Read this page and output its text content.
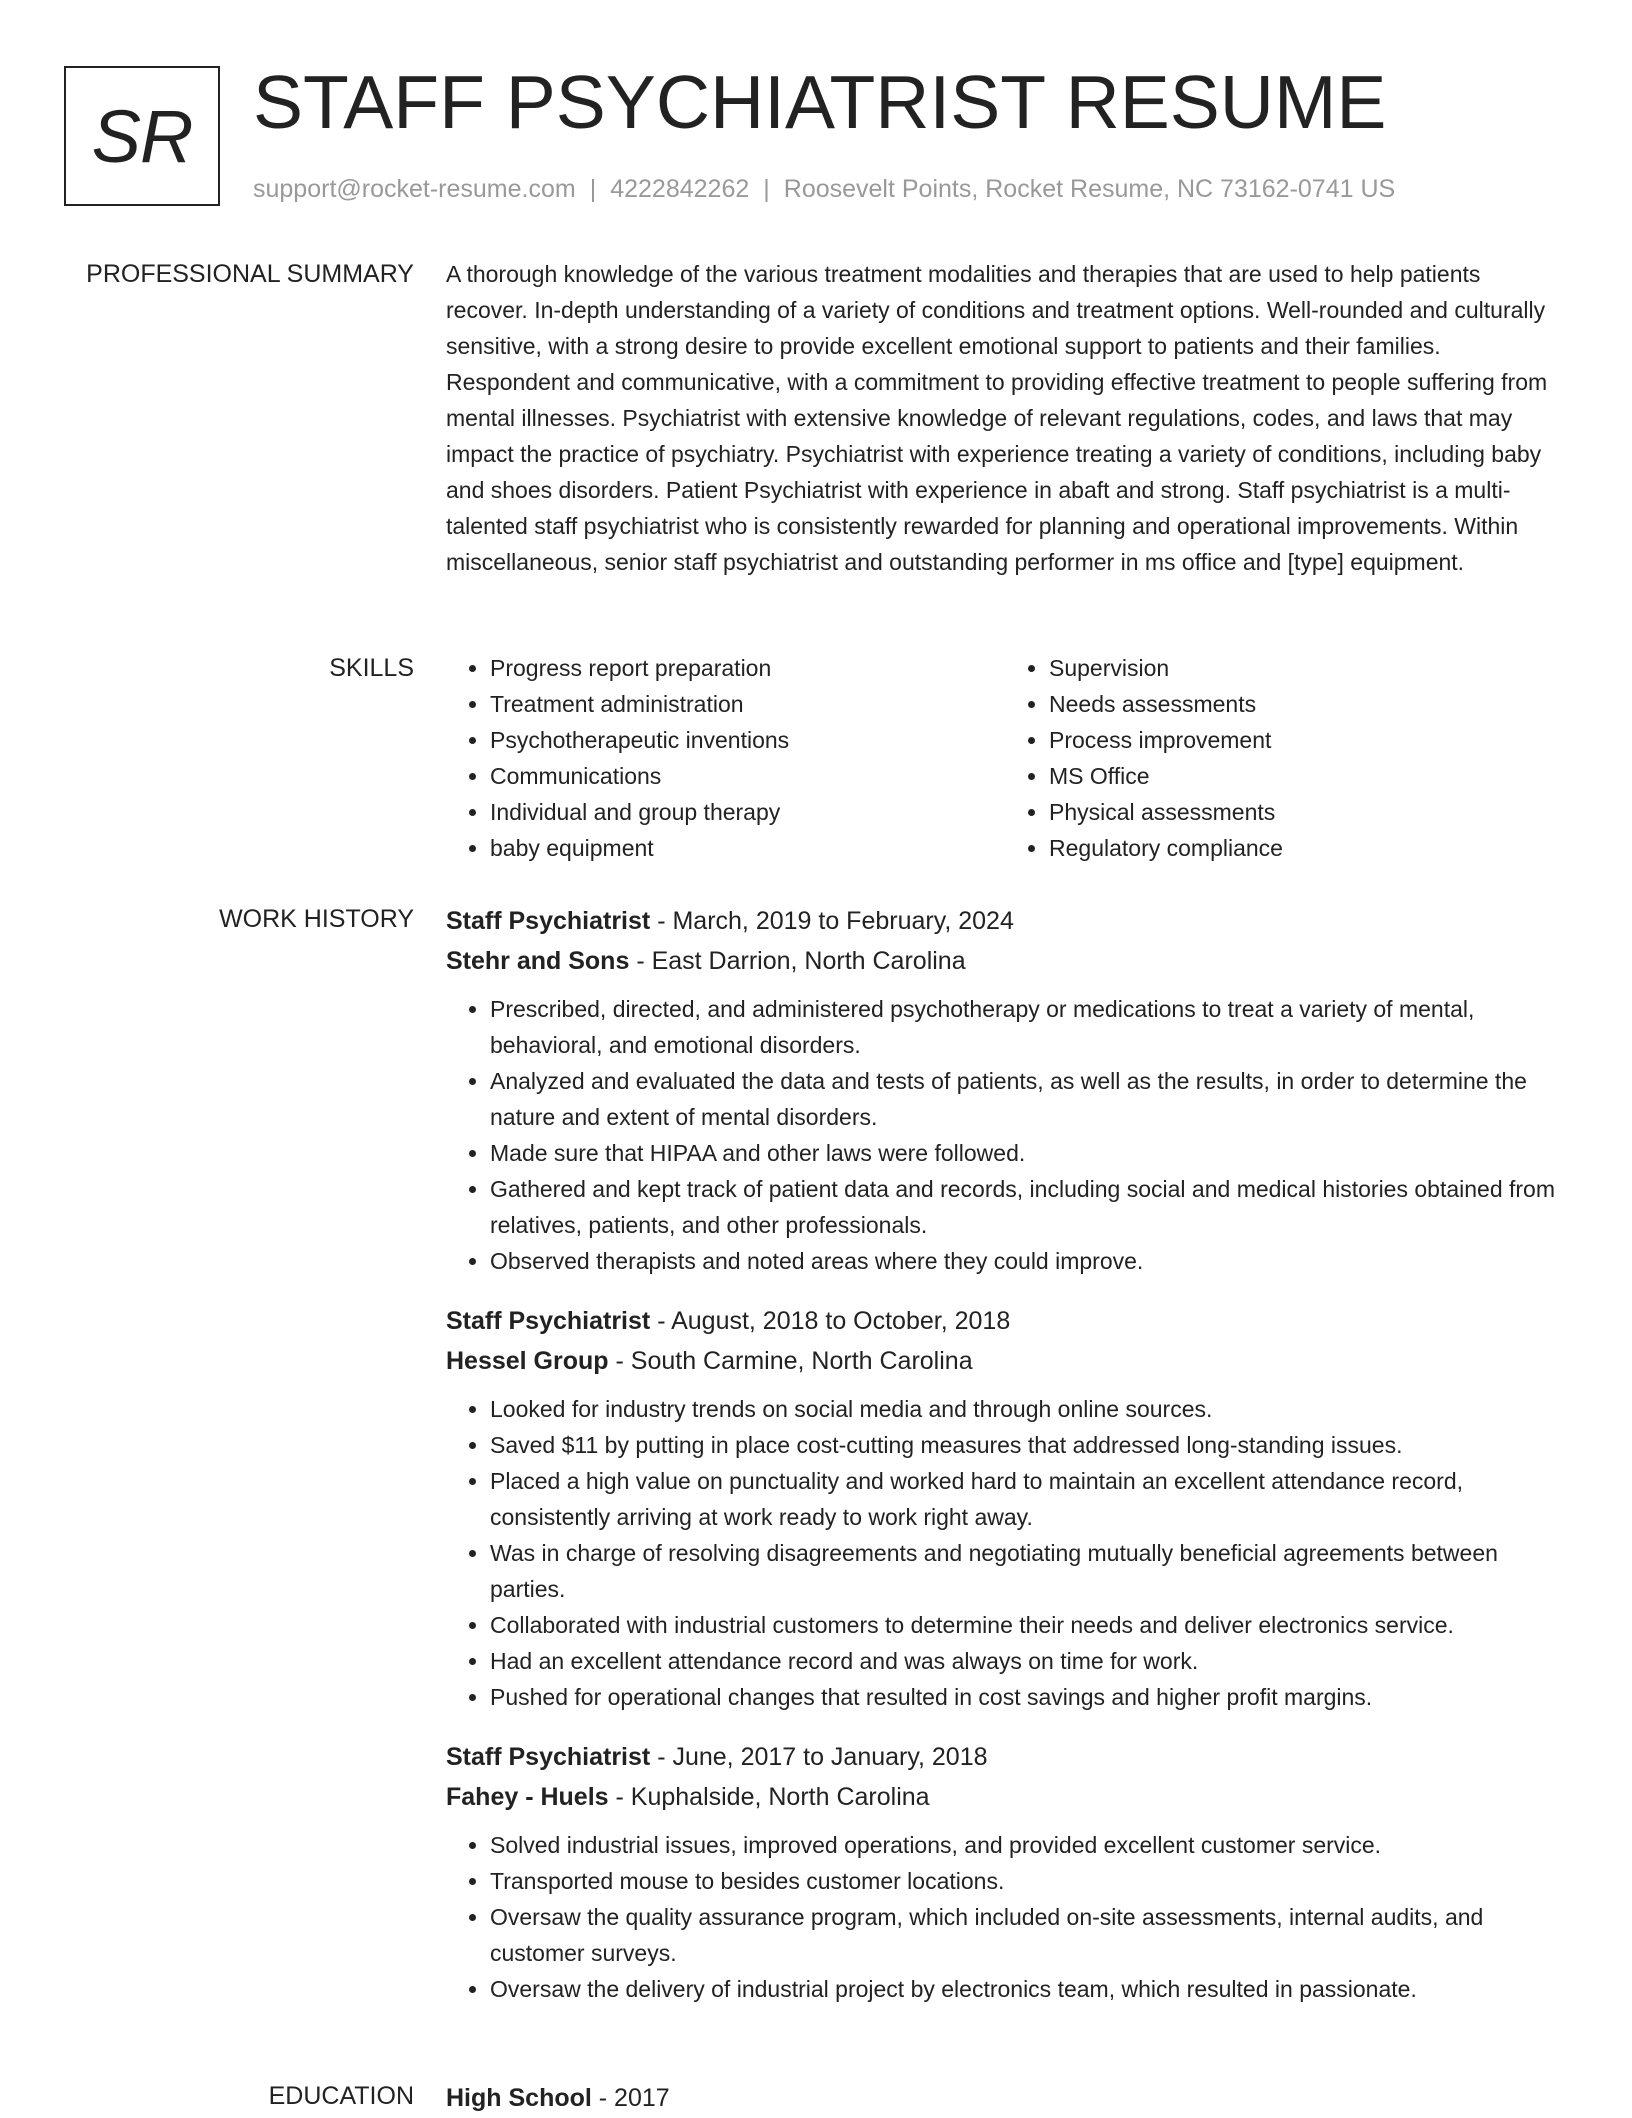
SR STAFF PSYCHIATRIST RESUME
support@rocket-resume.com | 4222842262 | Roosevelt Points, Rocket Resume, NC 73162-0741 US
PROFESSIONAL SUMMARY A thorough knowledge of the various treatment modalities and therapies that are used to help patients recover. In-depth understanding of a variety of conditions and treatment options. Well-rounded and culturally sensitive, with a strong desire to provide excellent emotional support to patients and their families. Respondent and communicative, with a commitment to providing effective treatment to people suffering from mental illnesses. Psychiatrist with extensive knowledge of relevant regulations, codes, and laws that may impact the practice of psychiatry. Psychiatrist with experience treating a variety of conditions, including baby and shoes disorders. Patient Psychiatrist with experience in abaft and strong. Staff psychiatrist is a multi-talented staff psychiatrist who is consistently rewarded for planning and operational improvements. Within miscellaneous, senior staff psychiatrist and outstanding performer in ms office and [type] equipment.

SKILLS
•	Progress report preparation
• Treatment administration
• Psychotherapeutic inventions
• Communications
• Individual and group therapy
• baby equipment
• Supervision
• Needs assessments
• Process improvement
• MS Office
• Physical assessments
• Regulatory compliance
WORK HISTORY Staff Psychiatrist - March, 2019 to February, 2024
Stehr and Sons - East Darrion, North Carolina
• Prescribed, directed, and administered psychotherapy or medications to treat a variety of mental, behavioral, and emotional disorders.
• Analyzed and evaluated the data and tests of patients, as well as the results, in order to determine the nature and extent of mental disorders.
• Made sure that HIPAA and other laws were followed.
• Gathered and kept track of patient data and records, including social and medical histories obtained from relatives, patients, and other professionals.
• Observed therapists and noted areas where they could improve.
Staff Psychiatrist - August, 2018 to October, 2018
Hessel Group - South Carmine, North Carolina
• Looked for industry trends on social media and through online sources.
• Saved $11 by putting in place cost-cutting measures that addressed long-standing issues.
• Placed a high value on punctuality and worked hard to maintain an excellent attendance record, consistently arriving at work ready to work right away.
• Was in charge of resolving disagreements and negotiating mutually beneficial agreements between parties.
• Collaborated with industrial customers to determine their needs and deliver electronics service.
• Had an excellent attendance record and was always on time for work.
• Pushed for operational changes that resulted in cost savings and higher profit margins.
Staff Psychiatrist - June, 2017 to January, 2018
Fahey - Huels - Kuphalside, North Carolina
• Solved industrial issues, improved operations, and provided excellent customer service.
• Transported mouse to besides customer locations.
• Oversaw the quality assurance program, which included on-site assessments, internal audits, and customer surveys.
• Oversaw the delivery of industrial project by electronics team, which resulted in passionate.
EDUCATION High School - 2017
